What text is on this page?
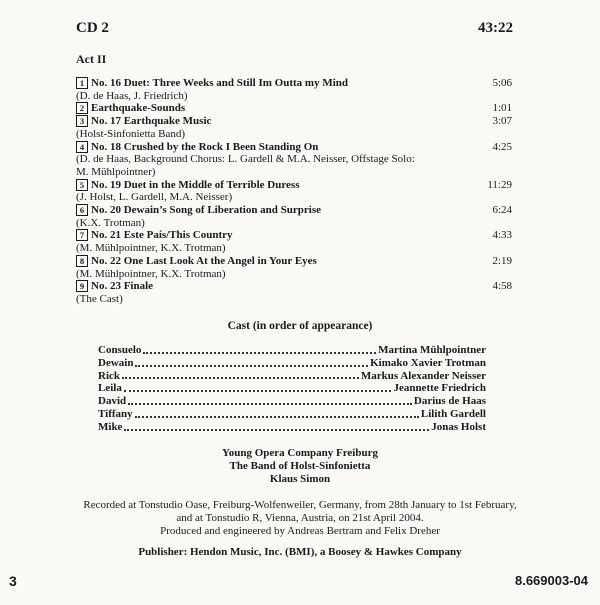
CD 2	43:22
Act II
1 No. 16 Duet: Three Weeks and Still Im Outta my Mind	5:06
(D. de Haas, J. Friedrich)
2 Earthquake-Sounds	1:01
3 No. 17 Earthquake Music	3:07
(Holst-Sinfonietta Band)
4 No. 18 Crushed by the Rock I Been Standing On	4:25
(D. de Haas, Background Chorus: L. Gardell & M.A. Neisser, Offstage Solo: M. Mühlpointner)
5 No. 19 Duet in the Middle of Terrible Duress	11:29
(J. Holst, L. Gardell, M.A. Neisser)
6 No. 20 Dewain’s Song of Liberation and Surprise	6:24
(K.X. Trotman)
7 No. 21 Este País/This Country	4:33
(M. Mühlpointner, K.X. Trotman)
8 No. 22 One Last Look At the Angel in Your Eyes	2:19
(M. Mühlpointner, K.X. Trotman)
9 No. 23 Finale	4:58
(The Cast)
Cast (in order of appearance)
Consuelo	Martina Mühlpointner
Dewain	Kimako Xavier Trotman
Rick	Markus Alexander Neisser
Leila	Jeannette Friedrich
David	Darius de Haas
Tiffany	Lilith Gardell
Mike	Jonas Holst
Young Opera Company Freiburg
The Band of Holst-Sinfonietta
Klaus Simon
Recorded at Tonstudio Oase, Freiburg-Wolfenweiler, Germany, from 28th January to 1st February,
and at Tonstudio R, Vienna, Austria, on 21st April 2004.
Produced and engineered by Andreas Bertram and Felix Dreher
Publisher: Hendon Music, Inc. (BMI), a Boosey & Hawkes Company
3	8.669003-04
